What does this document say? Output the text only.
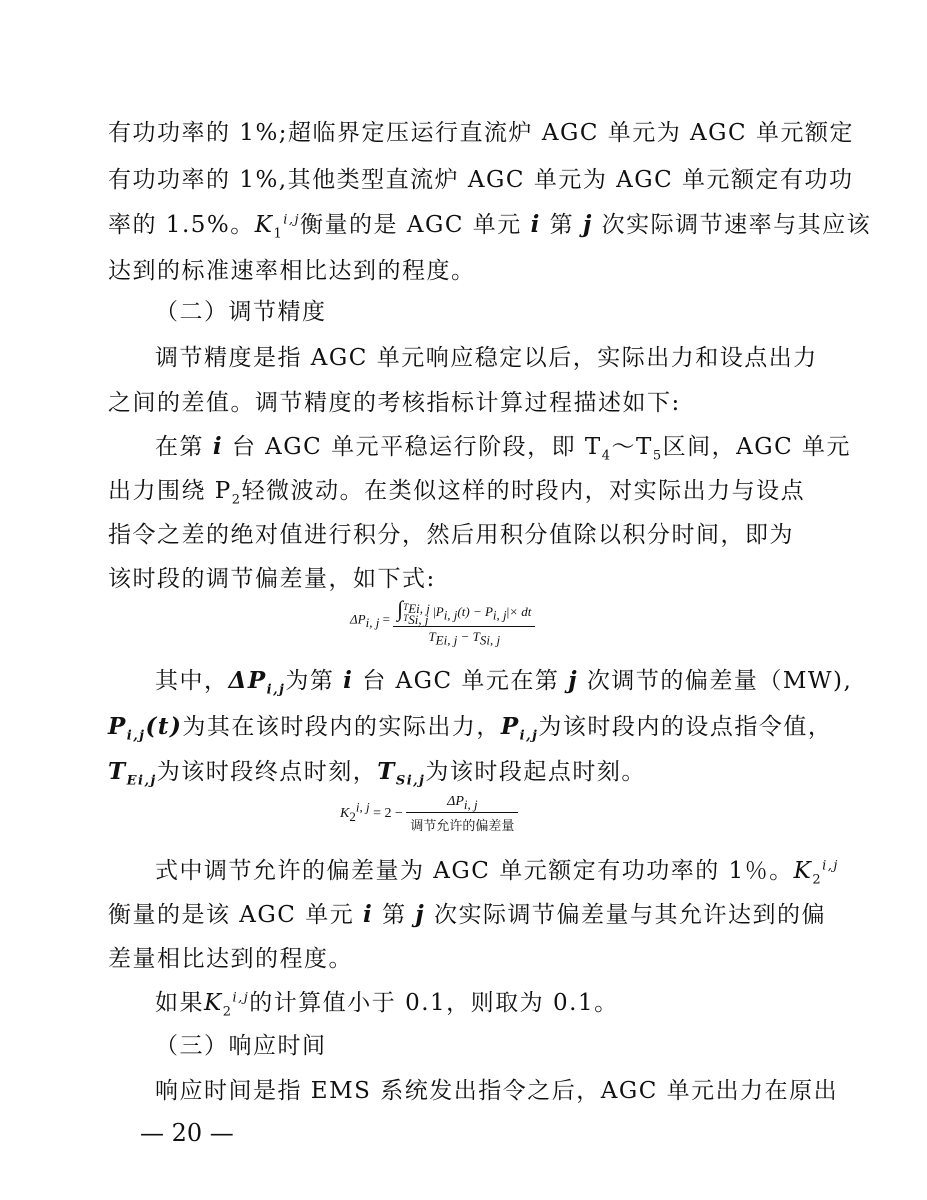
有功功率的 1%;超临界定压运行直流炉 AGC 单元为 AGC 单元额定
有功功率的 1%,其他类型直流炉 AGC 单元为 AGC 单元额定有功功
率的 1.5%。$K_1^{i,j}$衡量的是 AGC 单元 i 第 j 次实际调节速率与其应该
达到的标准速率相比达到的程度。
（二）调节精度
调节精度是指 AGC 单元响应稳定以后，实际出力和设点出力
之间的差值。调节精度的考核指标计算过程描述如下:
在第 i 台 AGC 单元平稳运行阶段，即 $T_4\sim T_5$区间，AGC 单元
出力围绕 $P_2$轻微波动。在类似这样的时段内，对实际出力与设点
指令之差的绝对值进行积分，然后用积分值除以积分时间，即为
该时段的调节偏差量，如下式:
$\Delta P_{i, j} = \int T_{Ei, j}$
$T_{Si, j}$ $|P_{i, j}(t) - P_{i, j}|\times$ dt
$T_{Ei, j} - T_{Si, j}$
其中，$\Delta P_{i,j}$为第 i 台 AGC 单元在第 j 次调节的偏差量（MW),
$P_{i,j}(t)$为其在该时段内的实际出力，$P_{i,j}$为该时段内的设点指令值，
$T_{Ei,j}$为该时段终点时刻，$T_{Si,j}$为该时段起点时刻。
$K_2^{i, j} = 2 - \frac{\Delta P_{i, j}}{\text{调节允许的偏差量}}$
式中调节允许的偏差量为 AGC 单元额定有功功率的 1％。$K_2^{i,j}$
衡量的是该 AGC 单元 i 第 j 次实际调节偏差量与其允许达到的偏
差量相比达到的程度。
如果$K_2^{i,j}$的计算值小于 0.1，则取为 0.1。
（三）响应时间
响应时间是指 EMS 系统发出指令之后，AGC 单元出力在原出
— 20 —
